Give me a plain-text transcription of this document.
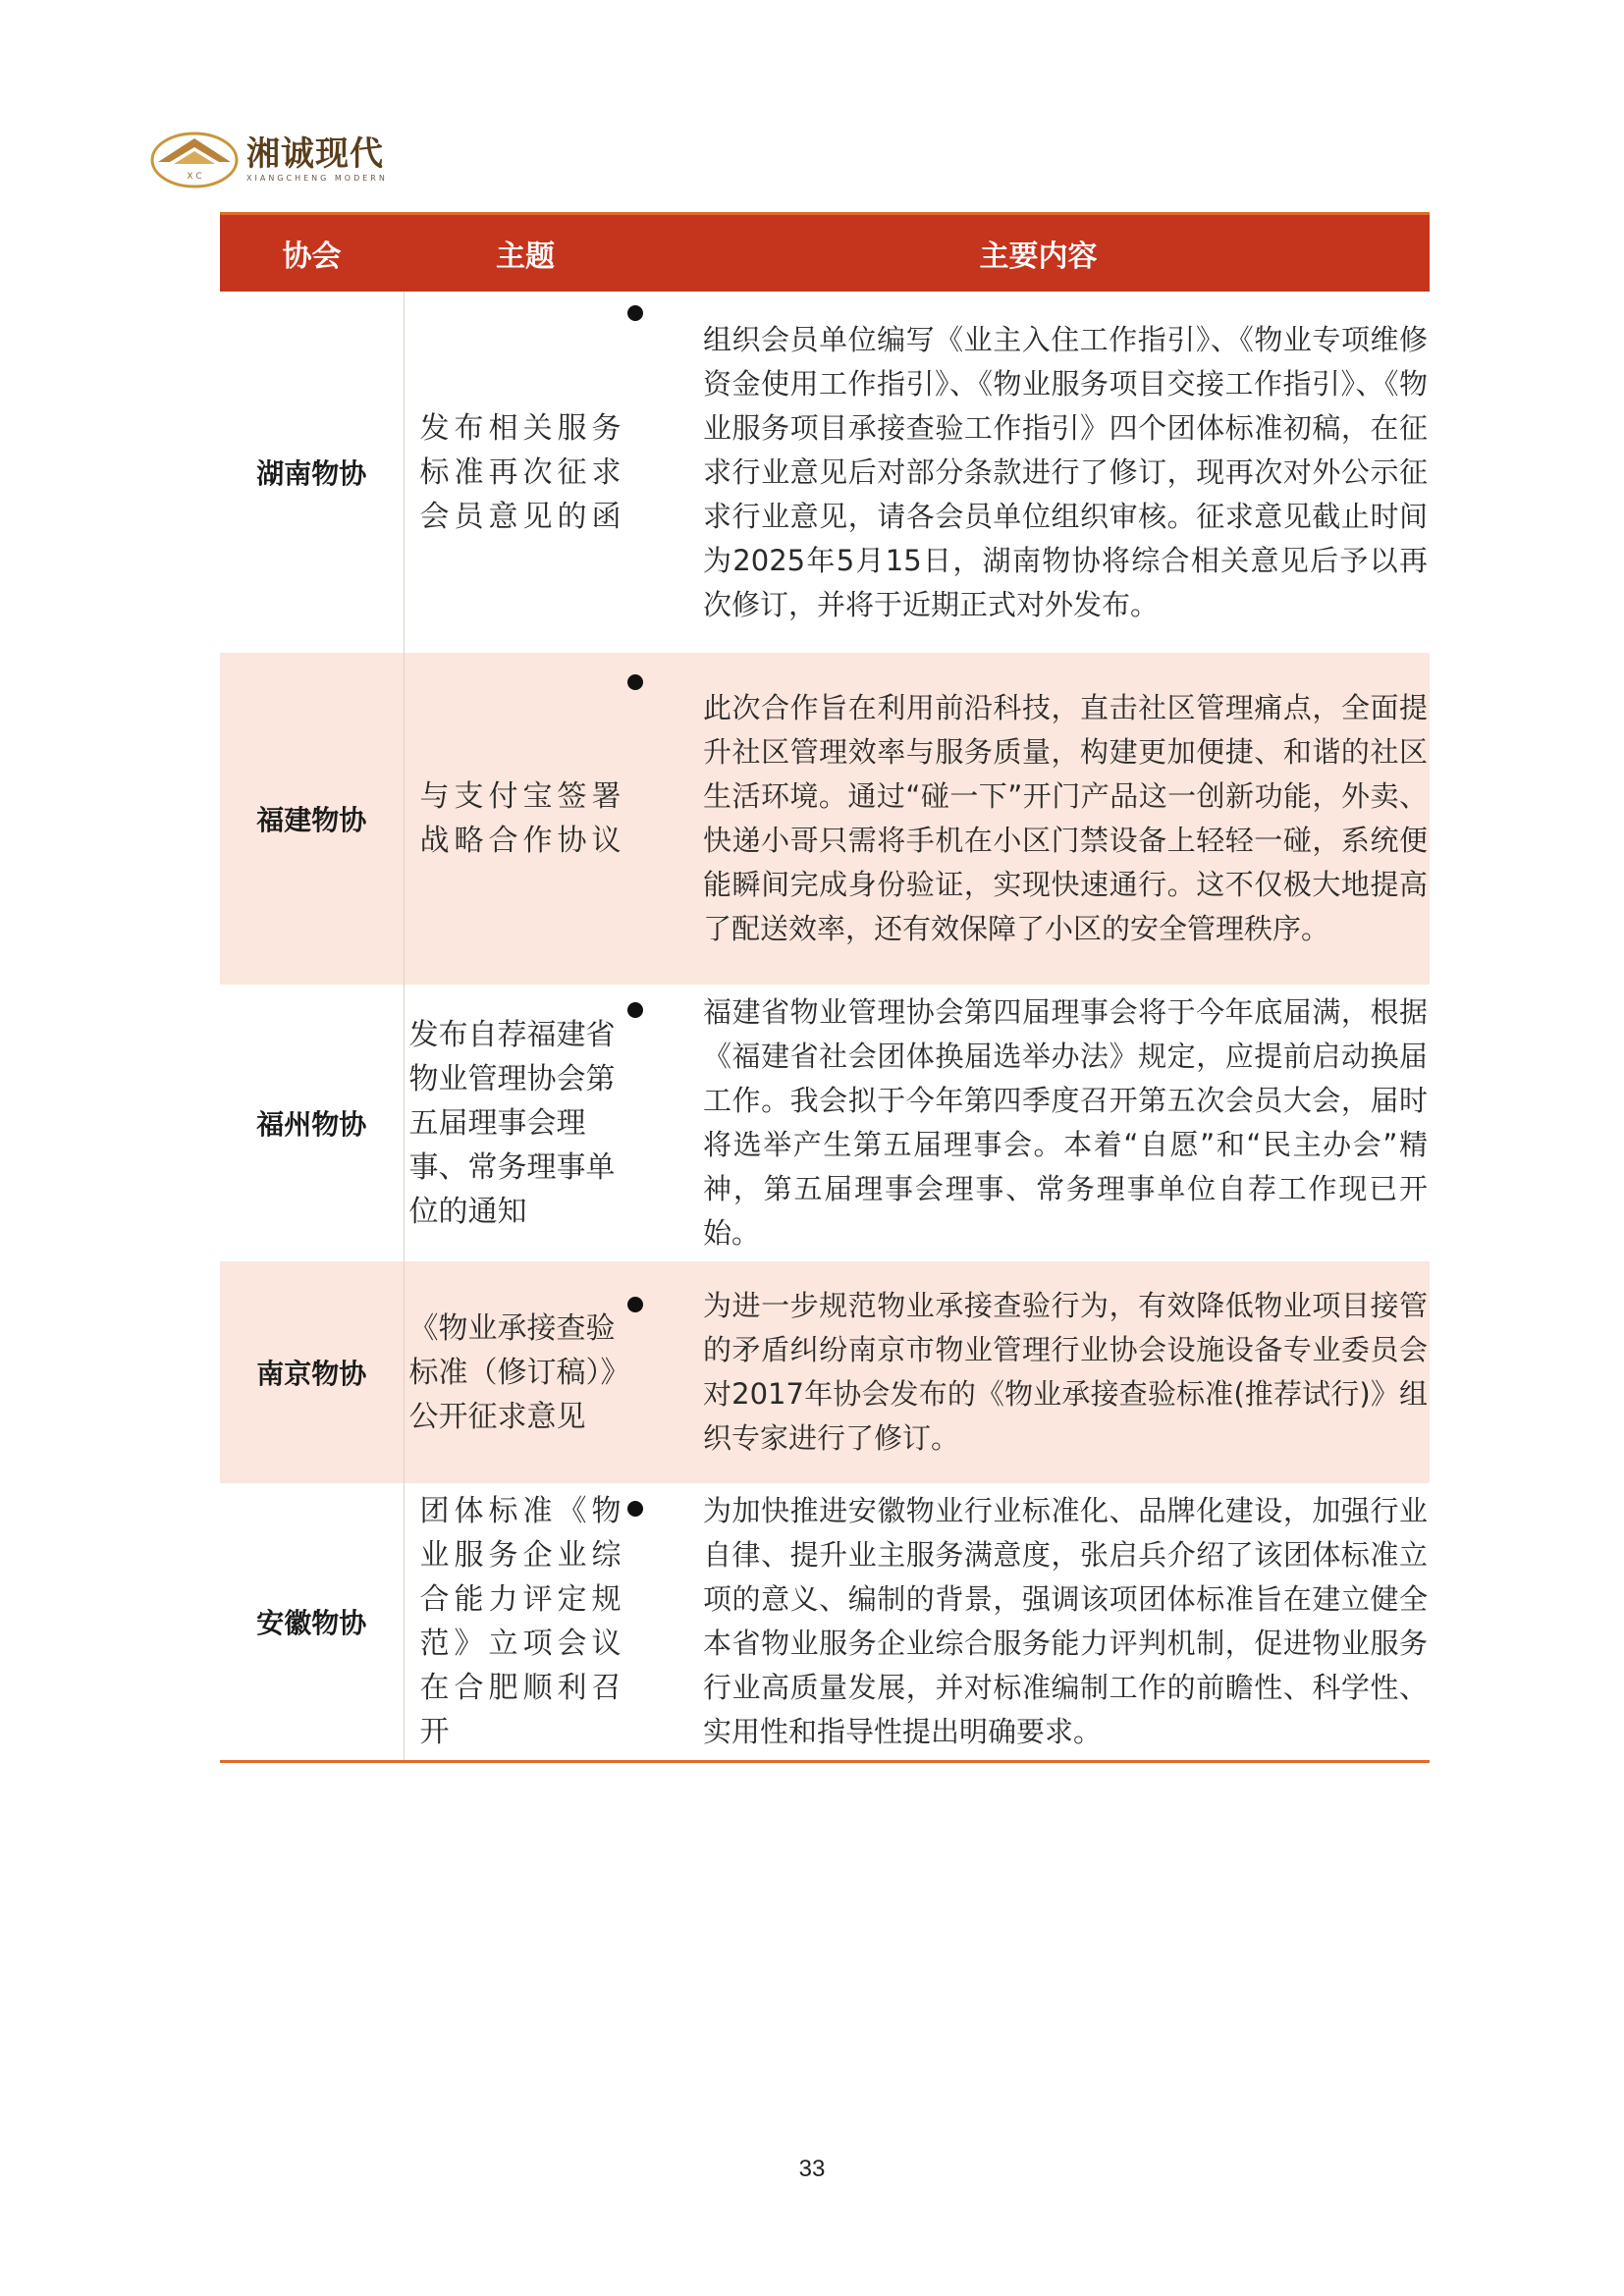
X C
湘诚现代
XIANGCHENG MODERN
协会	主题	主要内容
湖南物协	发布相关服务标准再次征求会员意见的函	组织会员单位编写《业主入住工作指引》、《物业专项维修资金使用工作指引》、《物业服务项目交接工作指引》、《物业服务项目承接查验工作指引》四个团体标准初稿，在征求行业意见后对部分条款进行了修订，现再次对外公示征求行业意见，请各会员单位组织审核。征求意见截止时间为2025年5月15日，湖南物协将综合相关意见后予以再次修订，并将于近期正式对外发布。

福建物协	与支付宝签署战略合作协议	此次合作旨在利用前沿科技，直击社区管理痛点，全面提升社区管理效率与服务质量，构建更加便捷、和谐的社区生活环境。通过“碰一下”开门产品这一创新功能，外卖、快递小哥只需将手机在小区门禁设备上轻轻一碰，系统便能瞬间完成身份验证，实现快速通行。这不仅极大地提高了配送效率，还有效保障了小区的安全管理秩序。

福州物协	发布自荐福建省物业管理协会第五届理事会理事、常务理事单位的通知	福建省物业管理协会第四届理事会将于今年底届满，根据《福建省社会团体换届选举办法》规定，应提前启动换届工作。我会拟于今年第四季度召开第五次会员大会，届时将选举产生第五届理事会。本着“自愿”和“民主办会”精神，第五届理事会理事、常务理事单位自荐工作现已开始。

南京物协	《物业承接查验标准（修订稿）》公开征求意见	为进一步规范物业承接查验行为，有效降低物业项目接管的矛盾纠纷南京市物业管理行业协会设施设备专业委员会对2017年协会发布的《物业承接查验标准(推荐试行)》组织专家进行了修订。

安徽物协	团体标准《物业服务企业综合能力评定规范》立项会议在合肥顺利召开	为加快推进安徽物业行业标准化、品牌化建设，加强行业自律、提升业主服务满意度，张启兵介绍了该团体标准立项的意义、编制的背景，强调该项团体标准旨在建立健全本省物业服务企业综合服务能力评判机制，促进物业服务行业高质量发展，并对标准编制工作的前瞻性、科学性、实用性和指导性提出明确要求。
33
